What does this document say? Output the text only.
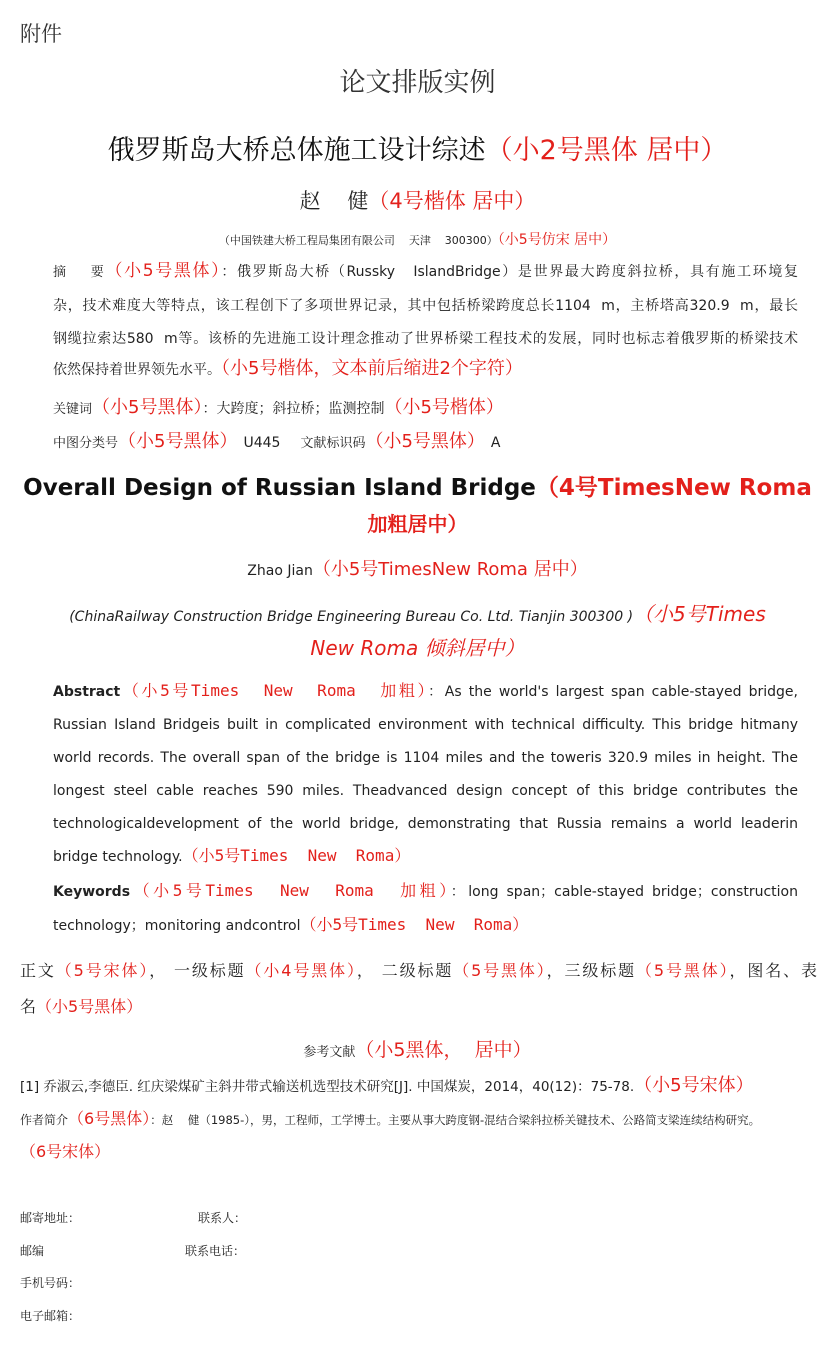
附件
论文排版实例
俄罗斯岛大桥总体施工设计综述（小2号黑体 居中）
赵    健（4号楷体 居中）
（中国铁建大桥工程局集团有限公司    天津    300300）（小5号仿宋 居中）
摘    要（小5号黑体）：俄罗斯岛大桥（Russky   IslandBridge）是世界最大跨度斜拉桥，具有施工环境复
杂，技术难度大等特点，该工程创下了多项世界记录，其中包括桥梁跨度总长1104  m，主桥塔高320.9  m，最长
钢缆拉索达580  m等。该桥的先进施工设计理念推动了世界桥梁工程技术的发展，同时也标志着俄罗斯的桥梁技术
依然保持着世界领先水平。（小5号楷体，文本前后缩进2个字符）
关键词（小5号黑体）：大跨度；斜拉桥；监测控制（小5号楷体）
中图分类号（小5号黑体） U445 文献标识码（小5号黑体） A
Overall Design of Russian Island Bridge（4号TimesNew Roma
加粗居中）
Zhao Jian（小5号TimesNew Roma 居中）
(ChinaRailway Construction Bridge Engineering Bureau Co. Ltd. Tianjin 300300 )（小5号Times
New Roma 倾斜居中）
Abstract（小5号Times  New  Roma  加粗）：As the world's largest span cable-stayed bridge,
Russian Island Bridgeis built in complicated environment with technical difficulty. This bridge hitmany
world records. The overall span of the bridge is 1104 miles and the toweris 320.9 miles in height. The
longest steel cable reaches 590 miles. Theadvanced design concept of this bridge contributes the
technologicaldevelopment of the world bridge, demonstrating that Russia remains a world leaderin
bridge technology.（小5号Times  New  Roma）
Keywords（小5号Times  New  Roma  加粗）：long span；cable-stayed bridge；construction
technology；monitoring andcontrol（小5号Times  New  Roma）
正文（5号宋体）， 一级标题（小4号黑体）， 二级标题（5号黑体），三级标题（5号黑体），图名、表
名（小5号黑体）
参考文献（小5黑体，  居中）
[1] 乔淑云,李德臣. 红庆梁煤矿主斜井带式输送机选型技术研究[J]. 中国煤炭，2014，40(12)：75-78.（小5号宋体）
作者简介（6号黑体）：赵    健（1985-），男，工程师，工学博士。主要从事大跨度钢-混结合梁斜拉桥关键技术、公路简支梁连续结构研究。
（6号宋体）
邮寄地址：	联系人：
邮编	联系电话：
手机号码：
电子邮箱：
